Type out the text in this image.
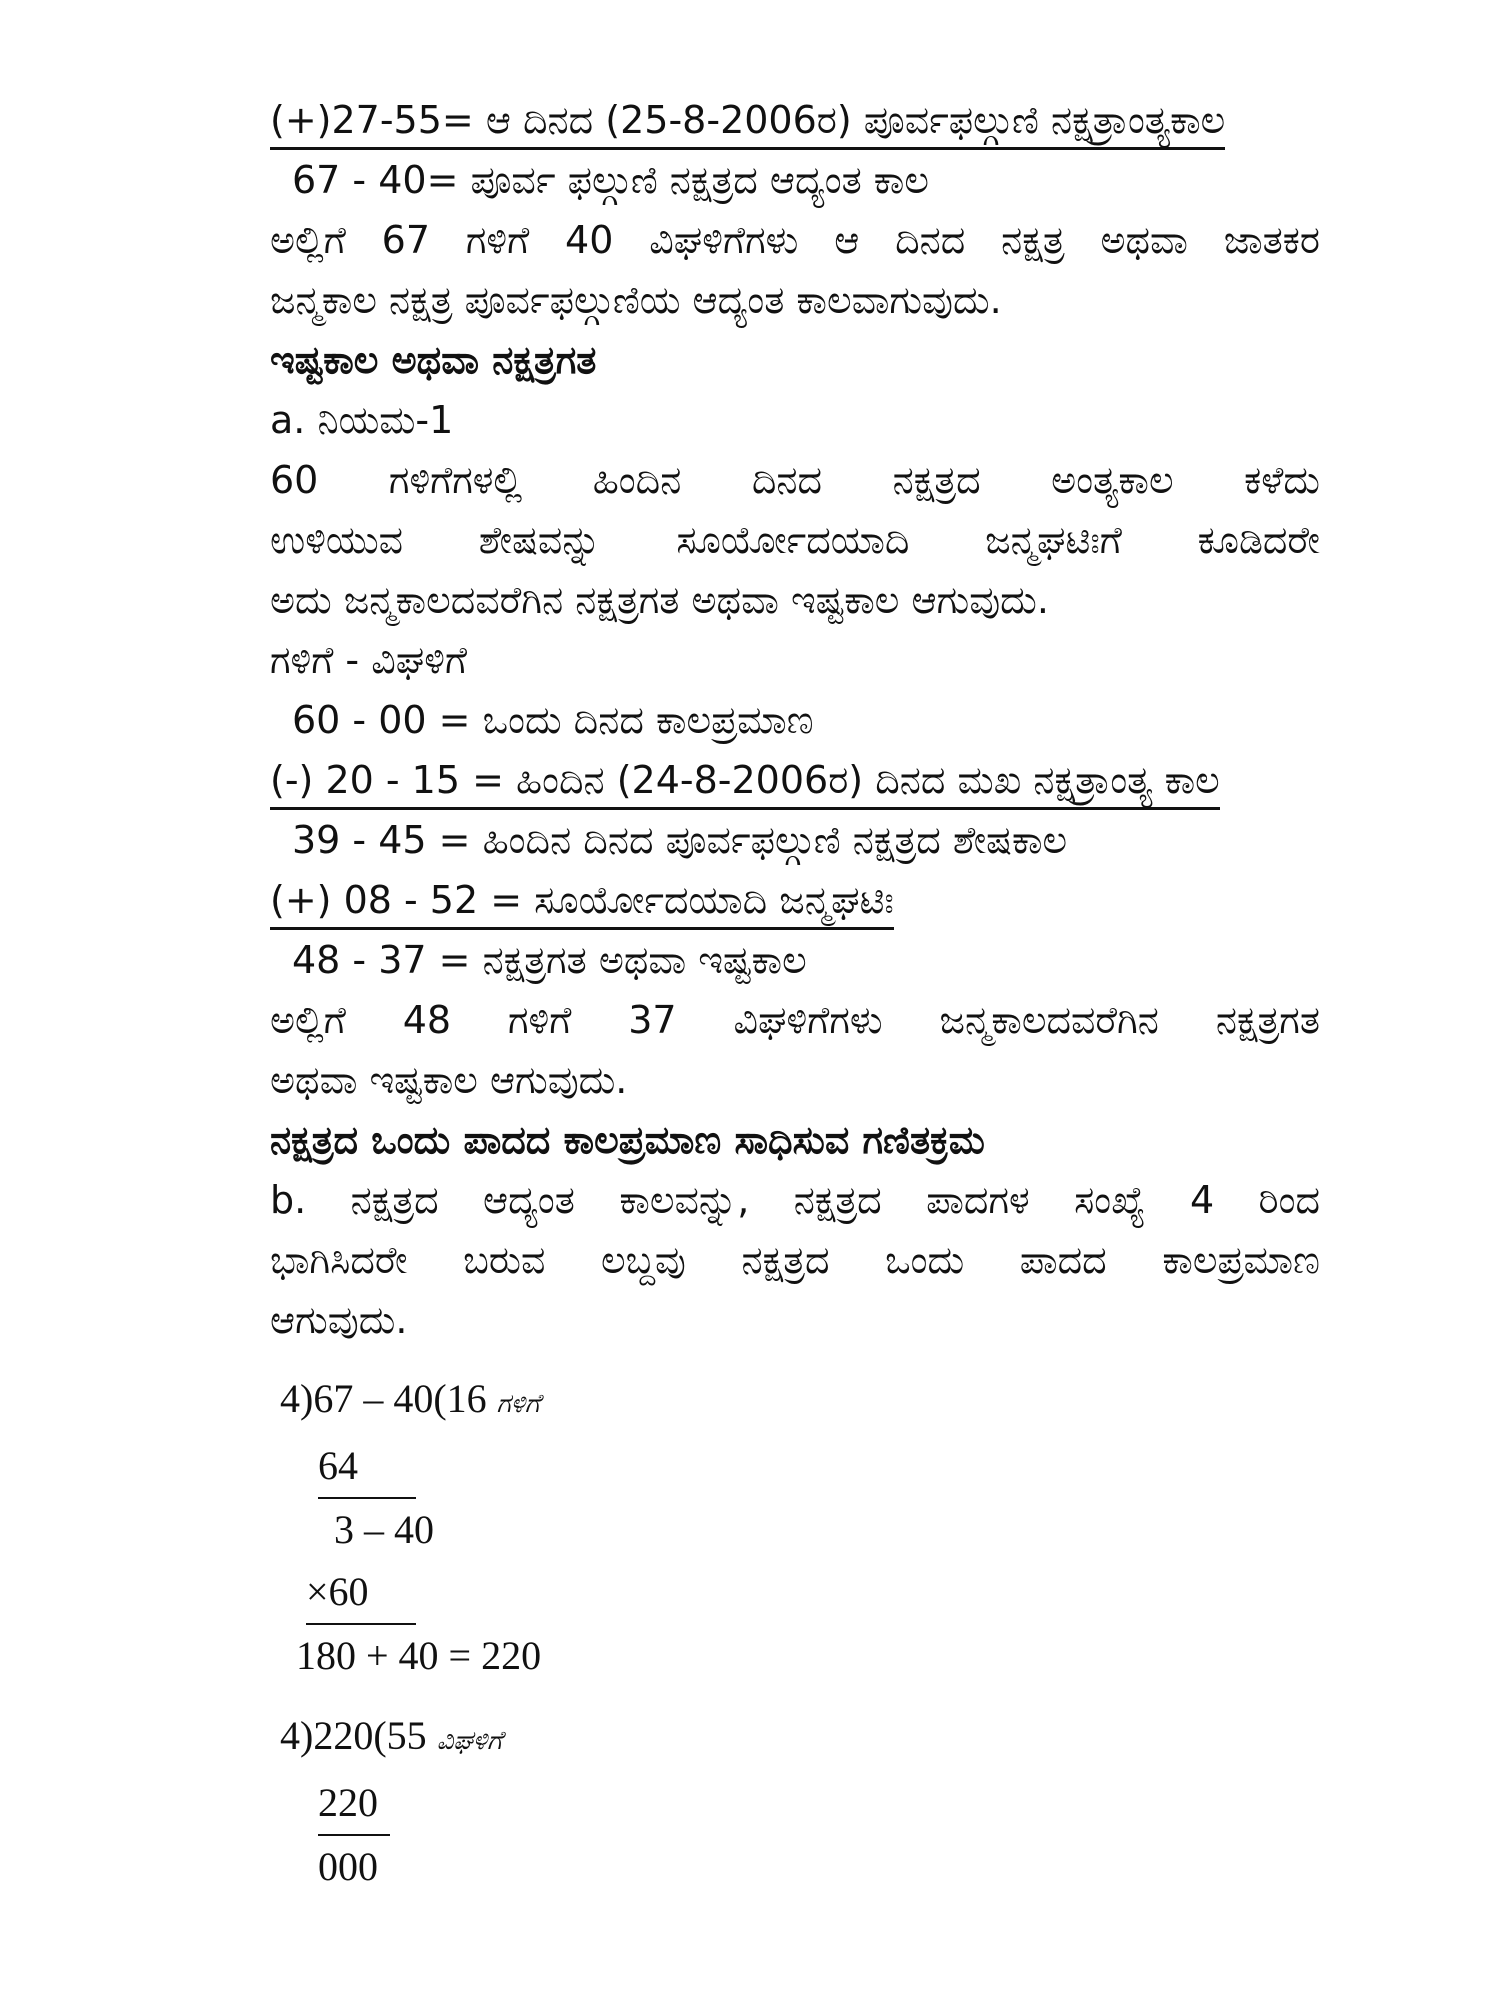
(+)27-55= ಆ ದಿನದ (25-8-2006ರ) ಪೂರ್ವಫಲ್ಗುಣಿ ನಕ್ಷತ್ರಾಂತ್ಯಕಾಲ
67 - 40= ಪೂರ್ವ ಫಲ್ಗುಣಿ ನಕ್ಷತ್ರದ ಆದ್ಯಂತ ಕಾಲ
ಅಲ್ಲಿಗೆ 67 ಗಳಿಗೆ 40 ವಿಘಳಿಗೆಗಳು ಆ ದಿನದ ನಕ್ಷತ್ರ ಅಥವಾ ಜಾತಕರ
ಜನ್ಮಕಾಲ ನಕ್ಷತ್ರ ಪೂರ್ವಫಲ್ಗುಣಿಯ ಆದ್ಯಂತ ಕಾಲವಾಗುವುದು.
ಇಷ್ಟಕಾಲ ಅಥವಾ ನಕ್ಷತ್ರಗತ
a. ನಿಯಮ-1
60 ಗಳಿಗೆಗಳಲ್ಲಿ ಹಿಂದಿನ ದಿನದ ನಕ್ಷತ್ರದ ಅಂತ್ಯಕಾಲ ಕಳೆದು
ಉಳಿಯುವ ಶೇಷವನ್ನು ಸೂರ್ಯೋದಯಾದಿ ಜನ್ಮಘಟಿಃಗೆ ಕೂಡಿದರೇ
ಅದು ಜನ್ಮಕಾಲದವರೆಗಿನ ನಕ್ಷತ್ರಗತ ಅಥವಾ ಇಷ್ಟಕಾಲ ಆಗುವುದು.
ಗಳಿಗೆ - ವಿಘಳಿಗೆ
60 - 00 = ಒಂದು ದಿನದ ಕಾಲಪ್ರಮಾಣ
(-) 20 - 15 = ಹಿಂದಿನ (24-8-2006ರ) ದಿನದ ಮಖ ನಕ್ಷತ್ರಾಂತ್ಯ ಕಾಲ
39 - 45 = ಹಿಂದಿನ ದಿನದ ಪೂರ್ವಫಲ್ಗುಣಿ ನಕ್ಷತ್ರದ ಶೇಷಕಾಲ
(+) 08 - 52 = ಸೂರ್ಯೋದಯಾದಿ ಜನ್ಮಘಟಿಃ
48 - 37 = ನಕ್ಷತ್ರಗತ ಅಥವಾ ಇಷ್ಟಕಾಲ
ಅಲ್ಲಿಗೆ 48 ಗಳಿಗೆ 37 ವಿಘಳಿಗೆಗಳು ಜನ್ಮಕಾಲದವರೆಗಿನ ನಕ್ಷತ್ರಗತ
ಅಥವಾ ಇಷ್ಟಕಾಲ ಆಗುವುದು.
ನಕ್ಷತ್ರದ ಒಂದು ಪಾದದ ಕಾಲಪ್ರಮಾಣ ಸಾಧಿಸುವ ಗಣಿತಕ್ರಮ
b. ನಕ್ಷತ್ರದ ಆದ್ಯಂತ ಕಾಲವನ್ನು, ನಕ್ಷತ್ರದ ಪಾದಗಳ ಸಂಖ್ಯೆ 4 ರಿಂದ
ಭಾಗಿಸಿದರೇ ಬರುವ ಲಬ್ದವು ನಕ್ಷತ್ರದ ಒಂದು ಪಾದದ ಕಾಲಪ್ರಮಾಣ
ಆಗುವುದು.
4)67 – 40(16 ಗಳಿಗೆ
64
3 – 40
×60
180 + 40 = 220
4)220(55 ವಿಘಳಿಗೆ
220
000
